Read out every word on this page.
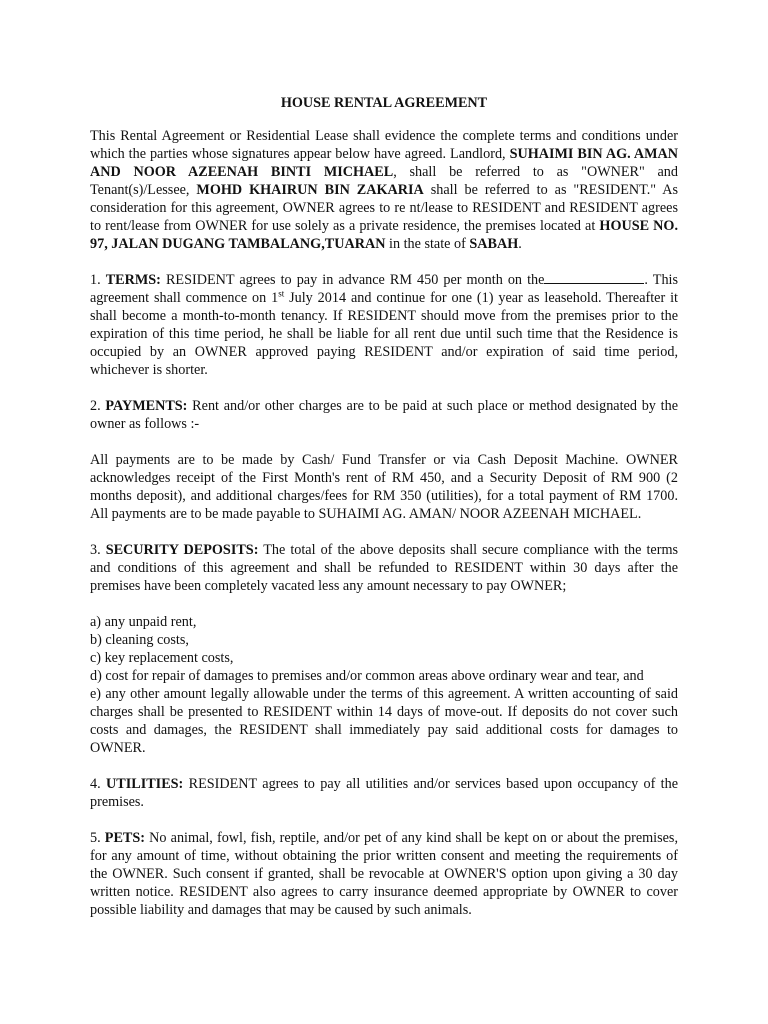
HOUSE RENTAL AGREEMENT

This Rental Agreement or Residential Lease shall evidence the complete terms and conditions under which the parties whose signatures appear below have agreed. Landlord, SUHAIMI BIN AG. AMAN AND NOOR AZEENAH BINTI MICHAEL, shall be referred to as "OWNER" and Tenant(s)/Lessee, MOHD KHAIRUN BIN ZAKARIA shall be referred to as "RESIDENT." As consideration for this agreement, OWNER agrees to re nt/lease to RESIDENT and RESIDENT agrees to rent/lease from OWNER for use solely as a private residence, the premises located at HOUSE NO. 97, JALAN DUGANG TAMBALANG,TUARAN in the state of SABAH.

1. TERMS: RESIDENT agrees to pay in advance RM 450 per month on the	. This agreement shall commence on 1st July 2014 and continue for one (1) year as leasehold. Thereafter it shall become a month-to-month tenancy. If RESIDENT should move from the premises prior to the expiration of this time period, he shall be liable for all rent due until such time that the Residence is occupied by an OWNER approved paying RESIDENT and/or expiration of said time period, whichever is shorter.

2. PAYMENTS: Rent and/or other charges are to be paid at such place or method designated by the owner as follows :-

All payments are to be made by Cash/ Fund Transfer or via Cash Deposit Machine. OWNER acknowledges receipt of the First Month's rent of RM 450, and a Security Deposit of RM 900 (2 months deposit), and additional charges/fees for RM 350 (utilities), for a total payment of RM 1700. All payments are to be made payable to SUHAIMI AG. AMAN/ NOOR AZEENAH MICHAEL.

3. SECURITY DEPOSITS: The total of the above deposits shall secure compliance with the terms and conditions of this agreement and shall be refunded to RESIDENT within 30 days after the premises have been completely vacated less any amount necessary to pay OWNER;

a) any unpaid rent,

b) cleaning costs,

c) key replacement costs,

d) cost for repair of damages to premises and/or common areas above ordinary wear and tear, and

e) any other amount legally allowable under the terms of this agreement. A written accounting of said charges shall be presented to RESIDENT within 14 days of move-out. If deposits do not cover such costs and damages, the RESIDENT shall immediately pay said additional costs for damages to OWNER.

4. UTILITIES: RESIDENT agrees to pay all utilities and/or services based upon occupancy of the premises.

5. PETS: No animal, fowl, fish, reptile, and/or pet of any kind shall be kept on or about the premises, for any amount of time, without obtaining the prior written consent and meeting the requirements of the OWNER. Such consent if granted, shall be revocable at OWNER'S option upon giving a 30 day written notice. RESIDENT also agrees to carry insurance deemed appropriate by OWNER to cover possible liability and damages that may be caused by such animals.
